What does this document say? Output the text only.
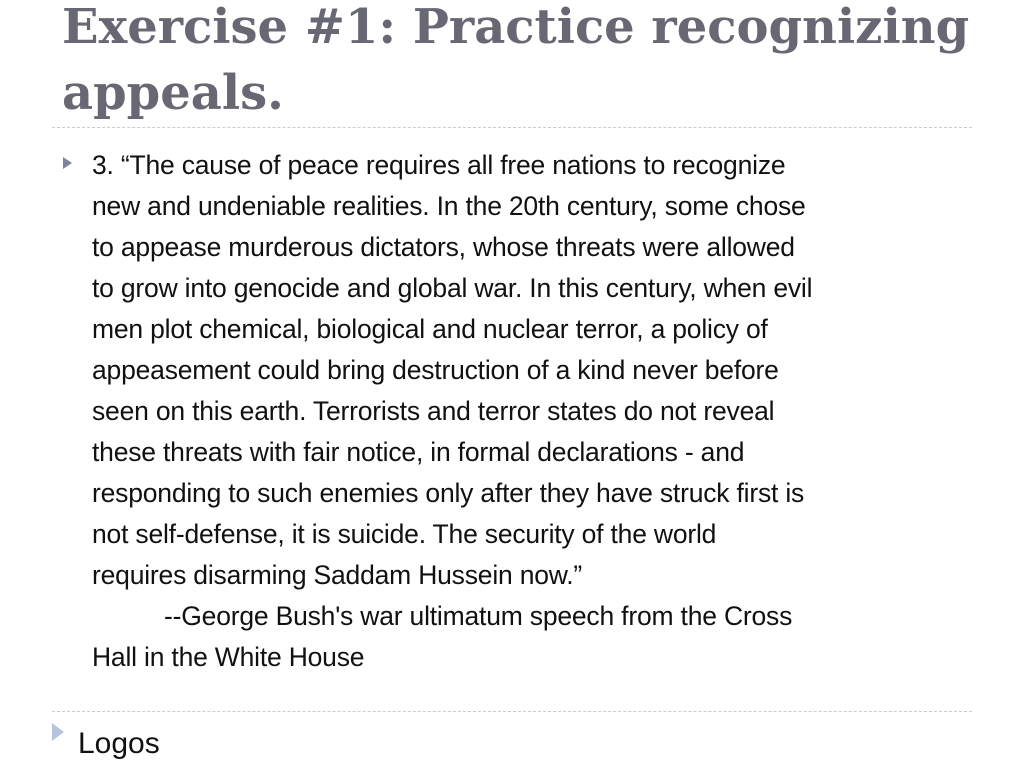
Exercise #1: Practice recognizing appeals.
3. “The cause of peace requires all free nations to recognize
new and undeniable realities. In the 20th century, some chose
to appease murderous dictators, whose threats were allowed
to grow into genocide and global war. In this century, when evil
men plot chemical, biological and nuclear terror, a policy of
appeasement could bring destruction of a kind never before
seen on this earth. Terrorists and terror states do not reveal
these threats with fair notice, in formal declarations - and
responding to such enemies only after they have struck first is
not self-defense, it is suicide. The security of the world
requires disarming Saddam Hussein now.”
--George Bush's war ultimatum speech from the Cross
Hall in the White House
Logos
